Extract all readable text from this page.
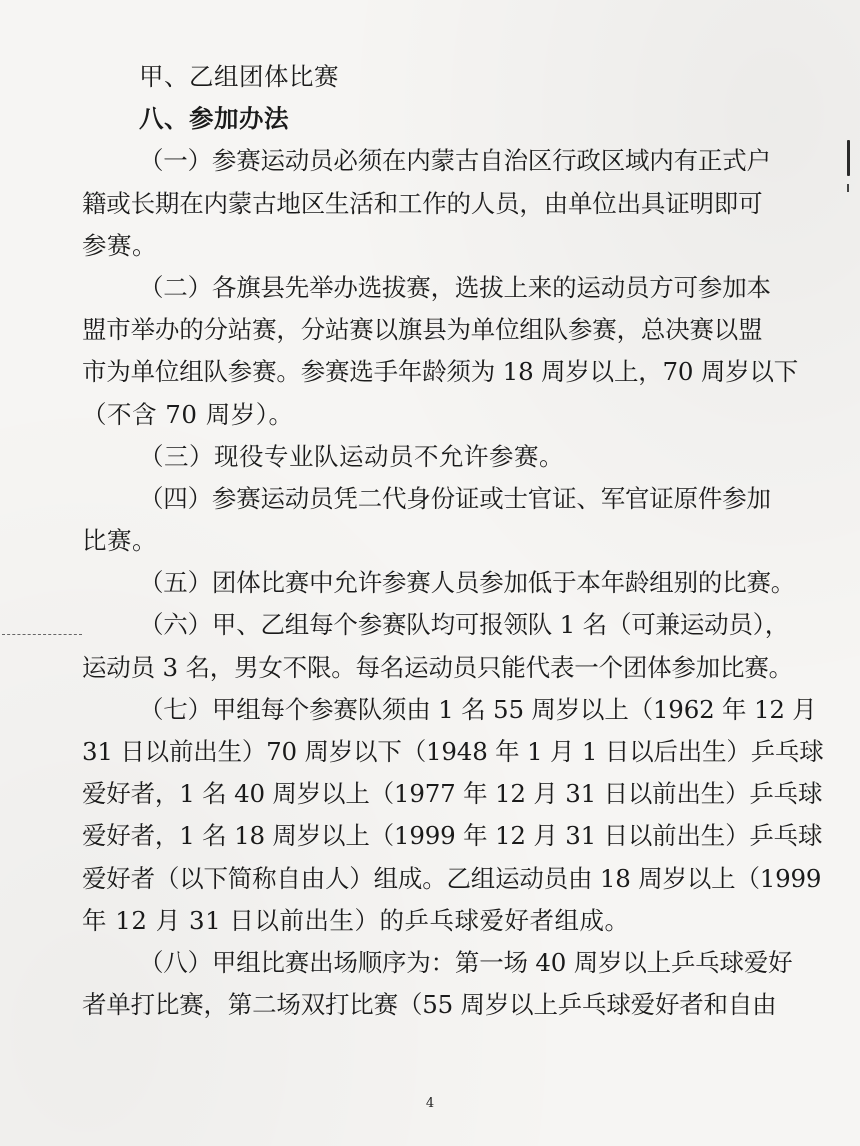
甲、乙组团体比赛
八、参加办法
（一）参赛运动员必须在内蒙古自治区行政区域内有正式户
籍或长期在内蒙古地区生活和工作的人员，由单位出具证明即可
参赛。
（二）各旗县先举办选拔赛，选拔上来的运动员方可参加本
盟市举办的分站赛，分站赛以旗县为单位组队参赛，总决赛以盟
市为单位组队参赛。参赛选手年龄须为 18 周岁以上，70 周岁以下
（不含 70 周岁）。
（三）现役专业队运动员不允许参赛。
（四）参赛运动员凭二代身份证或士官证、军官证原件参加
比赛。
（五）团体比赛中允许参赛人员参加低于本年龄组别的比赛。
（六）甲、乙组每个参赛队均可报领队 1 名（可兼运动员），
运动员 3 名，男女不限。每名运动员只能代表一个团体参加比赛。
（七）甲组每个参赛队须由 1 名 55 周岁以上（1962 年 12 月
31 日以前出生）70 周岁以下（1948 年 1 月 1 日以后出生）乒乓球
爱好者，1 名 40 周岁以上（1977 年 12 月 31 日以前出生）乒乓球
爱好者，1 名 18 周岁以上（1999 年 12 月 31 日以前出生）乒乓球
爱好者（以下简称自由人）组成。乙组运动员由 18 周岁以上（1999
年 12 月 31 日以前出生）的乒乓球爱好者组成。
（八）甲组比赛出场顺序为：第一场 40 周岁以上乒乓球爱好
者单打比赛，第二场双打比赛（55 周岁以上乒乓球爱好者和自由
4
